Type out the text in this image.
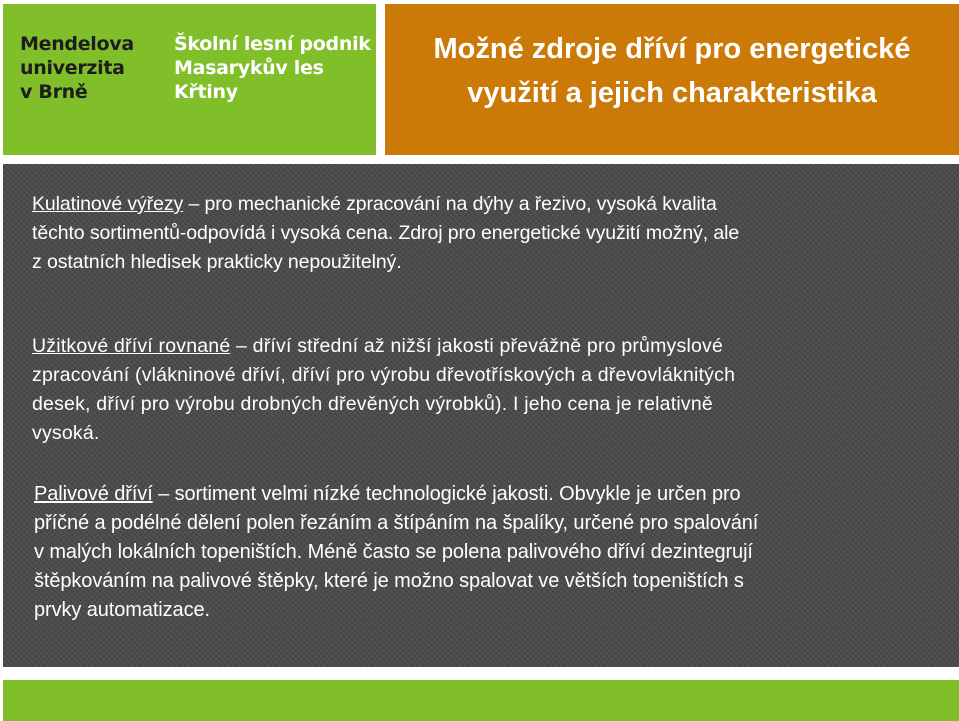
Mendelova
univerzita
v Brně
Školní lesní podnik
Masarykův les
Křtiny
Možné zdroje dříví pro energetické
využití a jejich charakteristika
Kulatinové výřezy – pro mechanické zpracování na dýhy a řezivo, vysoká kvalita
těchto sortimentů-odpovídá i vysoká cena. Zdroj pro energetické využití možný, ale
z ostatních hledisek prakticky nepoužitelný.
Užitkové dříví rovnané – dříví střední až nižší jakosti převážně pro průmyslové
zpracování (vlákninové dříví, dříví pro výrobu dřevotřískových a dřevovláknitých
desek, dříví pro výrobu drobných dřevěných výrobků). I jeho cena je relativně
vysoká.
Palivové dříví – sortiment velmi nízké technologické jakosti. Obvykle je určen pro
příčné a podélné dělení polen řezáním a štípáním na špalíky, určené pro spalování
v malých lokálních topeništích. Méně často se polena palivového dříví dezintegrují
štěpkováním na palivové štěpky, které je možno spalovat ve větších topeništích s
prvky automatizace.
